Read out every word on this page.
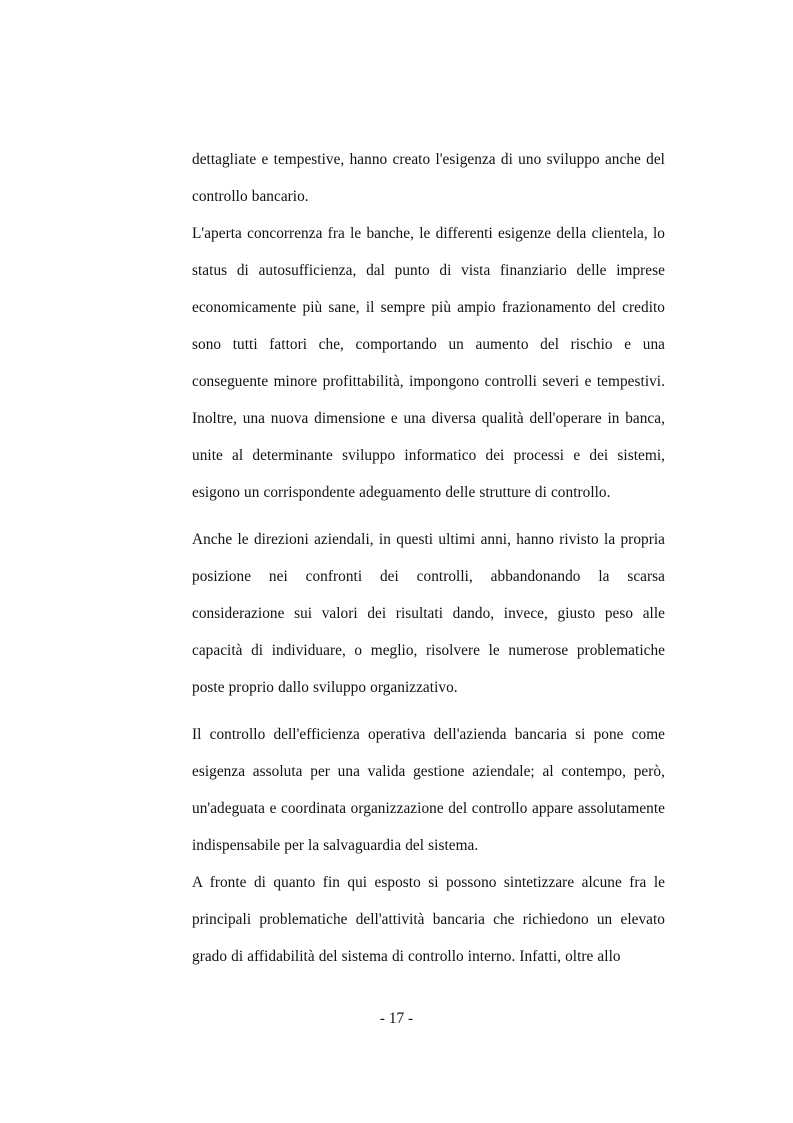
dettagliate e tempestive, hanno creato l'esigenza di uno sviluppo anche del controllo bancario.

L'aperta concorrenza fra le banche, le differenti esigenze della clientela, lo status di autosufficienza, dal punto di vista finanziario delle imprese economicamente più sane, il sempre più ampio frazionamento del credito sono tutti fattori che, comportando un aumento del rischio e una conseguente minore profittabilità, impongono controlli severi e tempestivi. Inoltre, una nuova dimensione e una diversa qualità dell'operare in banca, unite al determinante sviluppo informatico dei processi e dei sistemi, esigono un corrispondente adeguamento delle strutture di controllo.

Anche le direzioni aziendali, in questi ultimi anni, hanno rivisto la propria posizione nei confronti dei controlli, abbandonando la scarsa considerazione sui valori dei risultati dando, invece, giusto peso alle capacità di individuare, o meglio, risolvere le numerose problematiche poste proprio dallo sviluppo organizzativo.

Il controllo dell'efficienza operativa dell'azienda bancaria si pone come esigenza assoluta per una valida gestione aziendale; al contempo, però, un'adeguata e coordinata organizzazione del controllo appare assolutamente indispensabile per la salvaguardia del sistema.

A fronte di quanto fin qui esposto si possono sintetizzare alcune fra le principali problematiche dell'attività bancaria che richiedono un elevato grado di affidabilità del sistema di controllo interno. Infatti, oltre allo

- 17 -
